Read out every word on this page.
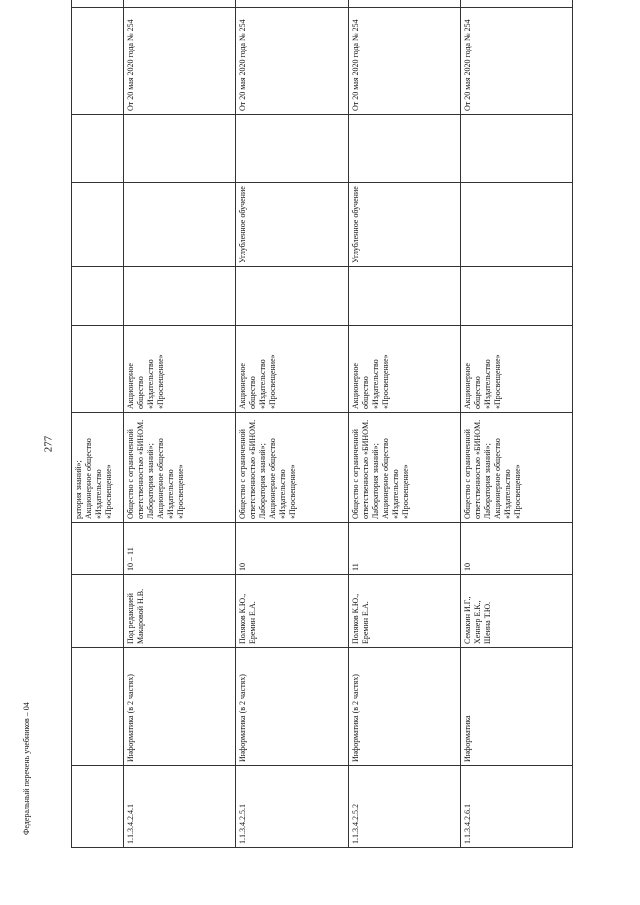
277
Федеральный перечень учебников – 04
				ратория знаний»; Акционерное общество «Издательство «Просвещение»						
1.1.3.4.2.4.1	Информатика (в 2 частях)	Под редакцией Макаровой Н.В.	10 – 11	Общество с ограниченной ответственностью «БИНОМ. Лаборатория знаний»; Акционерное общество «Издательство «Просвещение»	Акционерное общество «Издательство «Просвещение»				От 20 мая 2020 года № 254	
1.1.3.4.2.5.1	Информатика (в 2 частях)	Поляков К.Ю., Еремин Е.А.	10	Общество с ограниченной ответственностью «БИНОМ. Лаборатория знаний»; Акционерное общество «Издательство «Просвещение»	Акционерное общество «Издательство «Просвещение»		Углубленное обучение		От 20 мая 2020 года № 254	
1.1.3.4.2.5.2	Информатика (в 2 частях)	Поляков К.Ю., Еремин Е.А.	11	Общество с ограниченной ответственностью «БИНОМ. Лаборатория знаний»; Акционерное общество «Издательство «Просвещение»	Акционерное общество «Издательство «Просвещение»		Углубленное обучение		От 20 мая 2020 года № 254	
1.1.3.4.2.6.1	Информатика	Семакин И.Г., Хеннер Е.К., Шеина Т.Ю.	10	Общество с ограниченной ответственностью «БИНОМ. Лаборатория знаний»; Акционерное общество «Издательство «Просвещение»	Акционерное общество «Издательство «Просвещение»				От 20 мая 2020 года № 254	
